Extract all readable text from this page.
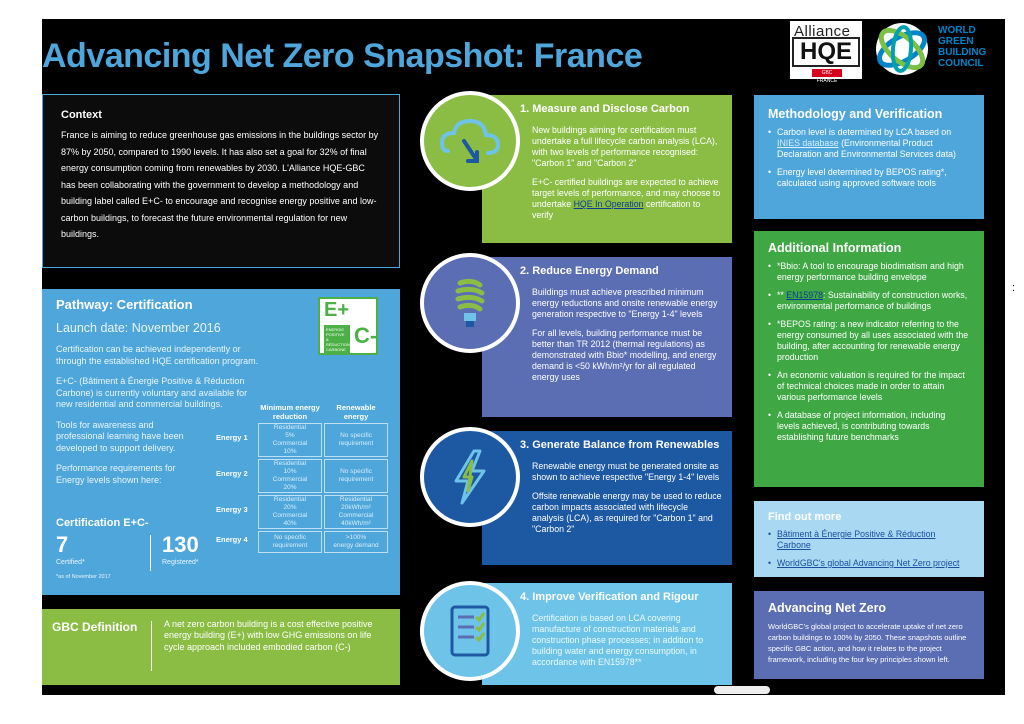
Advancing Net Zero Snapshot: France
Alliance
HQE
GBC FRANCE
WORLD
GREEN
BUILDING
COUNCIL
Context

France is aiming to reduce greenhouse gas emissions in the buildings sector by 87% by 2050, compared to 1990 levels. It has also set a goal for 32% of final energy consumption coming from renewables by 2030. L'Alliance HQE-GBC has been collaborating with the government to develop a methodology and building label called E+C- to encourage and recognise energy positive and low-carbon buildings, to forecast the future environmental regulation for new buildings.

Pathway: Certification
Launch date: November 2016

Certification can be achieved independently or through the established HQE certification program.

E+C- (Bâtiment à Énergie Positive & Réduction Carbone) is currently voluntary and available for new residential and commercial buildings.

Tools for awareness and professional learning have been developed to support delivery.

Performance requirements for Energy levels shown here:

E+
ÉNERGIE POSITIVE & RÉDUCTION CARBONE
C-
Minimum energy reduction
Renewable energy
Energy 1
Residential
5%
Commercial
10%
No specific requirement
Energy 2
Residential
10%
Commercial
20%
No specific requirement
Energy 3
Residential
20%
Commercial
40%
Residential
20kWh/m²
Commercial
40kWh/m²
Energy 4	No specific requirement
>100%
energy demand
Certification E+C-
7
Certified*
130
Registered*
*as of November 2017
GBC Definition	A net zero carbon building is a cost effective positive energy building (E+) with low GHG emissions on life cycle approach included embodied carbon (C-)

1. Measure and Disclose Carbon

New buildings aiming for certification must undertake a full lifecycle carbon analysis (LCA), with two levels of performance recognised: "Carbon 1" and "Carbon 2"

E+C- certified buildings are expected to achieve target levels of performance, and may choose to undertake HQE In Operation certification to verify

2. Reduce Energy Demand

Buildings must achieve prescribed minimum energy reductions and onsite renewable energy generation respective to "Energy 1-4" levels

For all levels, building performance must be better than TR 2012 (thermal regulations) as demonstrated with Bbio* modelling, and energy demand is <50 kWh/m²/yr for all regulated energy uses

3. Generate Balance from Renewables

Renewable energy must be generated onsite as shown to achieve respective "Energy 1-4" levels

Offsite renewable energy may be used to reduce carbon impacts associated with lifecycle analysis (LCA), as required for "Carbon 1" and "Carbon 2"

4. Improve Verification and Rigour

Certification is based on LCA covering manufacture of construction materials and construction phase processes; in addition to building water and energy consumption, in accordance with EN15978**

Methodology and Verification
• Carbon level is determined by LCA based on INIES database (Environmental Product Declaration and Environmental Services data)
• Energy level determined by BEPOS rating*, calculated using approved software tools
Additional Information
• *Bbio: A tool to encourage biodimatism and high energy performance building envelope
• ** EN15978: Sustainability of construction works, environmental performance of buildings
• *BEPOS rating: a new indicator referring to the energy consumed by all uses associated with the building, after accounting for renewable energy production
• An economic valuation is required for the impact of technical choices made in order to attain various performance levels
• A database of project information, including levels achieved, is contributing towards establishing future benchmarks
Find out more
• Bâtiment à Énergie Positive & Réduction Carbone
• WorldGBC's global Advancing Net Zero project
Advancing Net Zero

WorldGBC's global project to accelerate uptake of net zero carbon buildings to 100% by 2050. These snapshots outline specific GBC action, and how it relates to the project framework, including the four key principles shown left.

:
